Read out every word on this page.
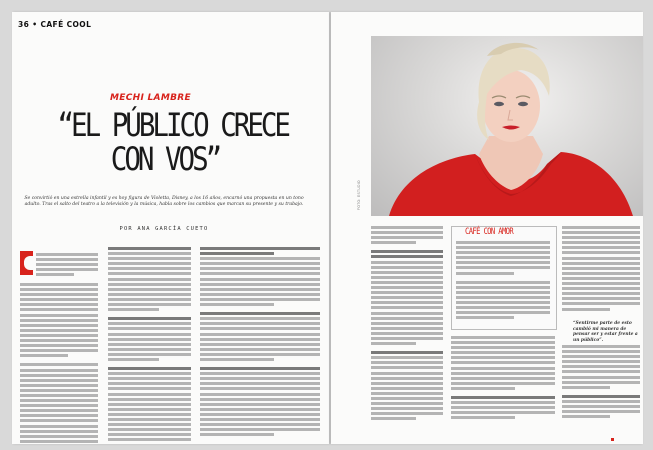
36 • CAFÉ COOL
MECHI LAMBRE
“EL PÚBLICO CRECE
CON VOS”
Se convirtió en una estrella infantil y es hoy figura de Violetta, Disney, a los 16 años, encarnó una propuesta en un tono adulto. Tras el salto del teatro a la televisión y la música, habla sobre los cambios que marcan su presente y su trabajo.
POR ANA GARCÍA CUETO
FOTO: ESTUDIO
CAFÉ CON AMOR
“Sentirme parte de esto cambió mi manera de pensar ser y estar frente a un público”.
